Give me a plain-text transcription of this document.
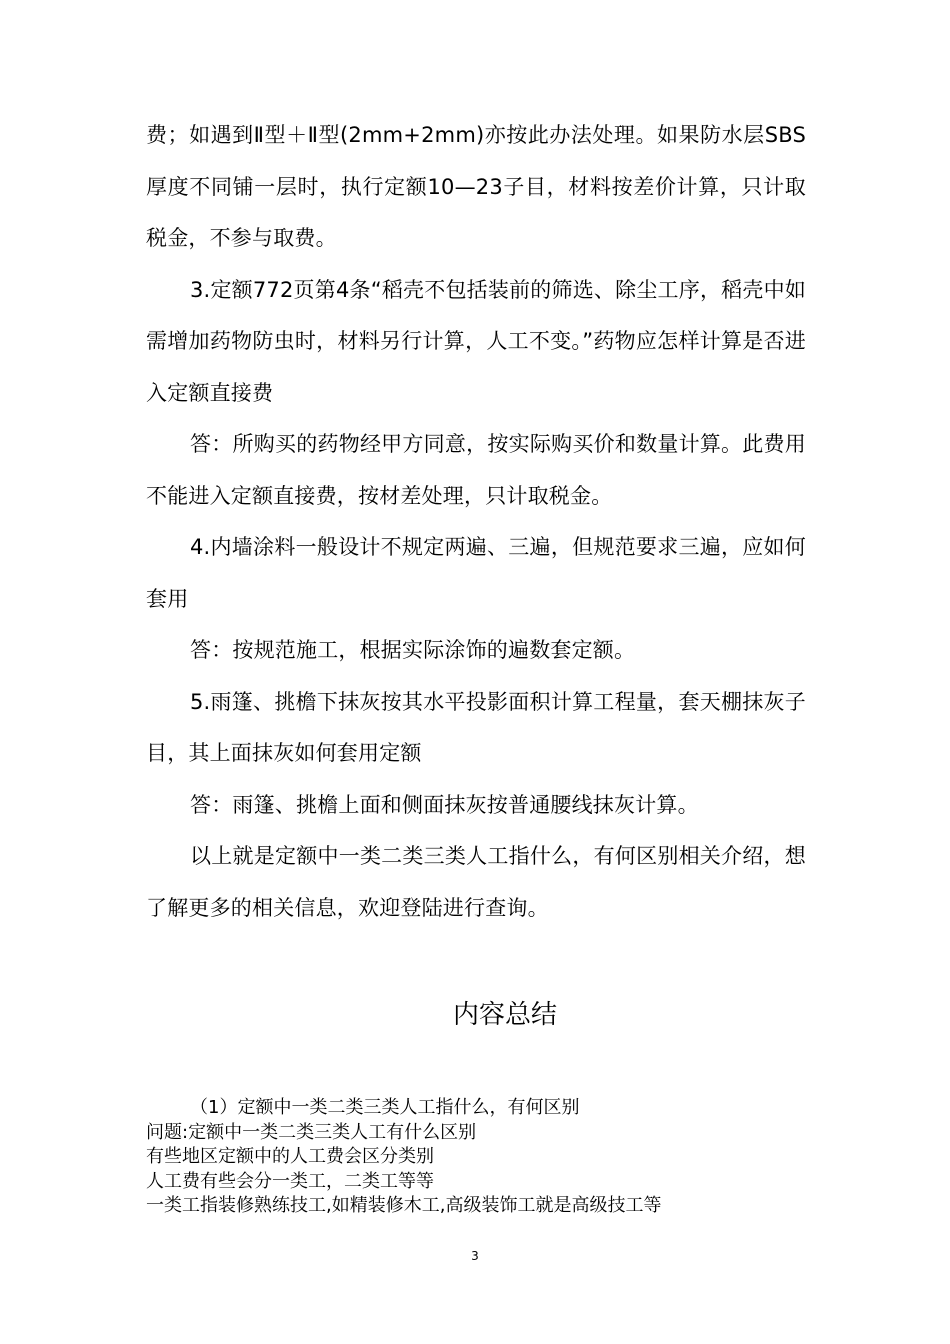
费；如遇到Ⅱ型＋Ⅱ型(2mm+2mm)亦按此办法处理。如果防水层SBS厚度不同铺一层时，执行定额10—23子目，材料按差价计算，只计取税金，不参与取费。

3.定额772页第4条“稻壳不包括装前的筛选、除尘工序，稻壳中如需增加药物防虫时，材料另行计算，人工不变。”药物应怎样计算是否进入定额直接费

答：所购买的药物经甲方同意，按实际购买价和数量计算。此费用不能进入定额直接费，按材差处理，只计取税金。

4.内墙涂料一般设计不规定两遍、三遍，但规范要求三遍，应如何套用

答：按规范施工，根据实际涂饰的遍数套定额。

5.雨篷、挑檐下抹灰按其水平投影面积计算工程量，套天棚抹灰子目，其上面抹灰如何套用定额

答：雨篷、挑檐上面和侧面抹灰按普通腰线抹灰计算。

以上就是定额中一类二类三类人工指什么，有何区别相关介绍，想了解更多的相关信息，欢迎登陆进行查询。

内容总结

（1）定额中一类二类三类人工指什么，有何区别

问题:定额中一类二类三类人工有什么区别

有些地区定额中的人工费会区分类别

人工费有些会分一类工，二类工等等

一类工指装修熟练技工,如精装修木工,高级装饰工就是高级技工等

3
